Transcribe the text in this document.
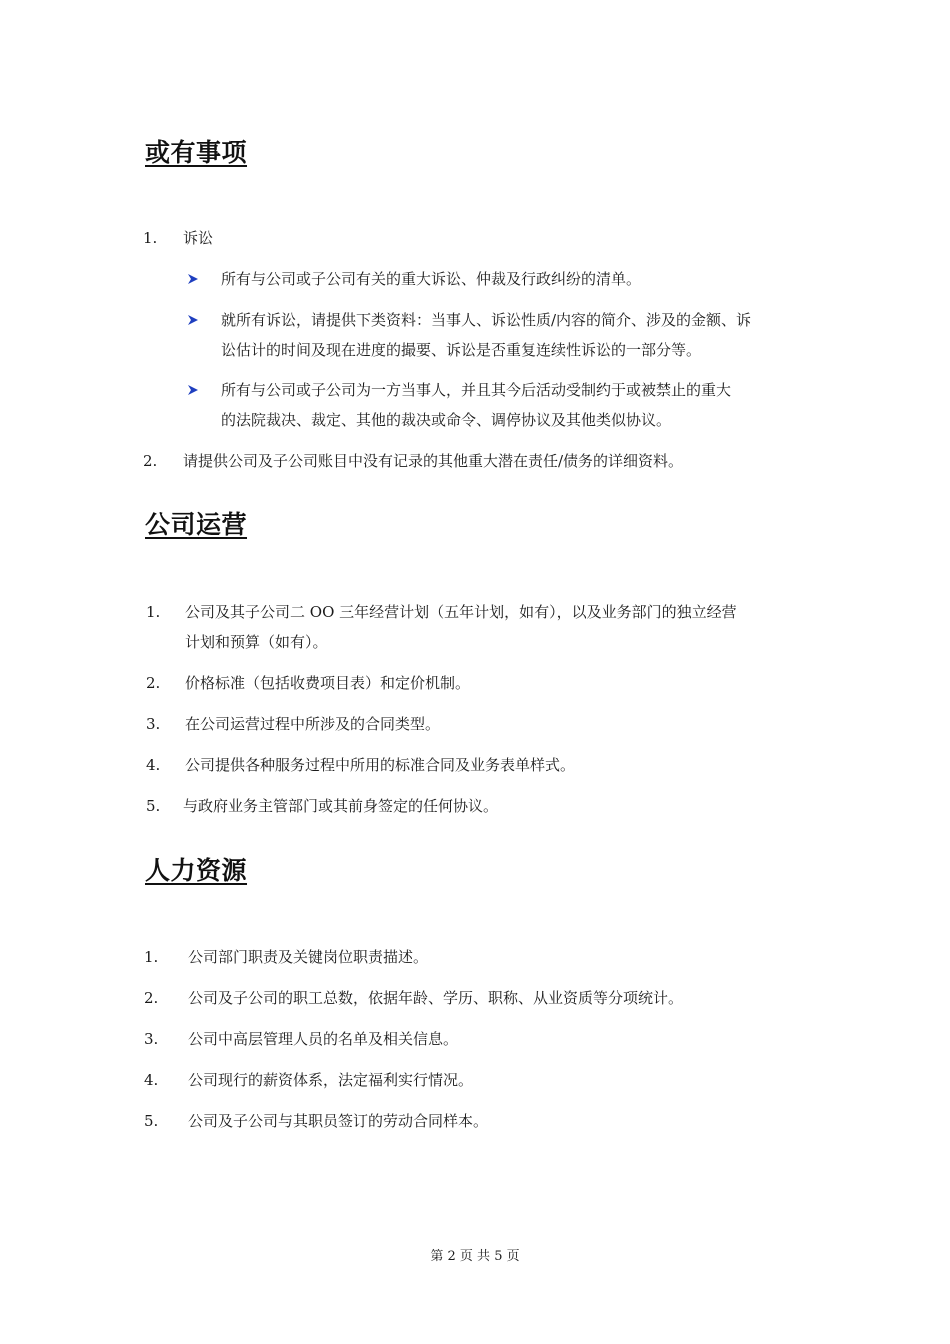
或有事项
1. 诉讼
所有与公司或子公司有关的重大诉讼、仲裁及行政纠纷的清单。
就所有诉讼，请提供下类资料：当事人、诉讼性质/内容的简介、涉及的金额、诉
讼估计的时间及现在进度的撮要、诉讼是否重复连续性诉讼的一部分等。
所有与公司或子公司为一方当事人，并且其今后活动受制约于或被禁止的重大
的法院裁决、裁定、其他的裁决或命令、调停协议及其他类似协议。
2. 请提供公司及子公司账目中没有记录的其他重大潜在责任/债务的详细资料。
公司运营
1. 公司及其子公司二 OO 三年经营计划（五年计划，如有），以及业务部门的独立经营
计划和预算（如有）。
2. 价格标准（包括收费项目表）和定价机制。
3. 在公司运营过程中所涉及的合同类型。
4. 公司提供各种服务过程中所用的标准合同及业务表单样式。
5. 与政府业务主管部门或其前身签定的任何协议。
人力资源
1. 公司部门职责及关键岗位职责描述。
2. 公司及子公司的职工总数，依据年龄、学历、职称、从业资质等分项统计。
3. 公司中高层管理人员的名单及相关信息。
4. 公司现行的薪资体系，法定福利实行情况。
5. 公司及子公司与其职员签订的劳动合同样本。
第 2 页 共 5 页
